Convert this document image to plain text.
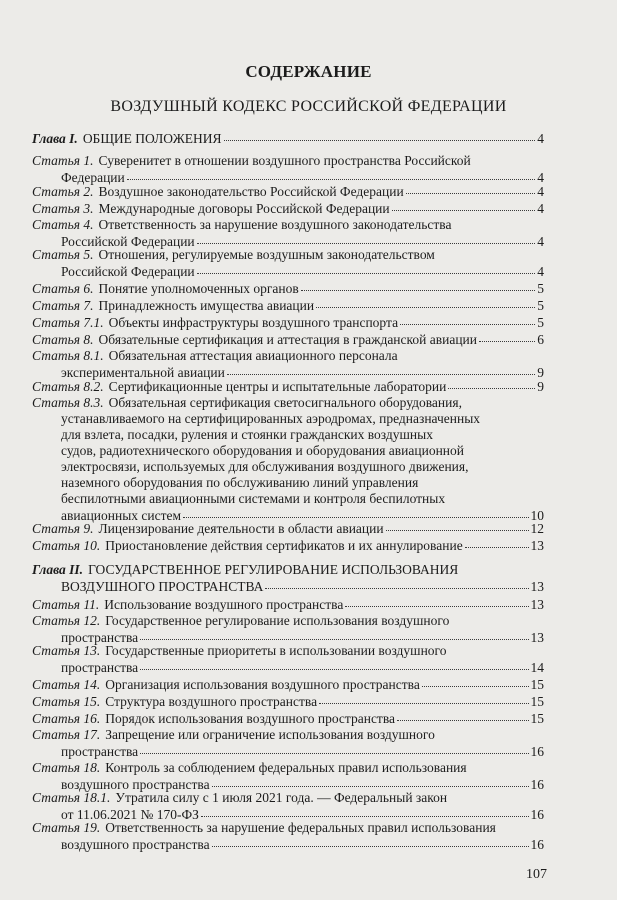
СОДЕРЖАНИЕ
ВОЗДУШНЫЙ КОДЕКС РОССИЙСКОЙ ФЕДЕРАЦИИ
Глава I. ОБЩИЕ ПОЛОЖЕНИЯ	4
Статья 1. Суверенитет в отношении воздушного пространства Российской
Федерации	4
Статья 2. Воздушное законодательство Российской Федерации	4
Статья 3. Международные договоры Российской Федерации	4
Статья 4. Ответственность за нарушение воздушного законодательства
Российской Федерации	4
Статья 5. Отношения, регулируемые воздушным законодательством
Российской Федерации	4
Статья 6. Понятие уполномоченных органов	5
Статья 7. Принадлежность имущества авиации	5
Статья 7.1. Объекты инфраструктуры воздушного транспорта	5
Статья 8. Обязательные сертификация и аттестация в гражданской авиации	6
Статья 8.1. Обязательная аттестация авиационного персонала
экспериментальной авиации	9
Статья 8.2. Сертификационные центры и испытательные лаборатории	9
Статья 8.3. Обязательная сертификация светосигнального оборудования,
устанавливаемого на сертифицированных аэродромах, предназначенных
для взлета, посадки, руления и стоянки гражданских воздушных
судов, радиотехнического оборудования и оборудования авиационной
электросвязи, используемых для обслуживания воздушного движения,
наземного оборудования по обслуживанию линий управления
беспилотными авиационными системами и контроля беспилотных
авиационных систем	10
Статья 9. Лицензирование деятельности в области авиации	12
Статья 10. Приостановление действия сертификатов и их аннулирование	13
Глава II. ГОСУДАРСТВЕННОЕ РЕГУЛИРОВАНИЕ ИСПОЛЬЗОВАНИЯ
ВОЗДУШНОГО ПРОСТРАНСТВА	13
Статья 11. Использование воздушного пространства	13
Статья 12. Государственное регулирование использования воздушного
пространства	13
Статья 13. Государственные приоритеты в использовании воздушного
пространства	14
Статья 14. Организация использования воздушного пространства	15
Статья 15. Структура воздушного пространства	15
Статья 16. Порядок использования воздушного пространства	15
Статья 17. Запрещение или ограничение использования воздушного
пространства	16
Статья 18. Контроль за соблюдением федеральных правил использования
воздушного пространства	16
Статья 18.1. Утратила силу с 1 июля 2021 года. — Федеральный закон
от 11.06.2021 № 170-ФЗ	16
Статья 19. Ответственность за нарушение федеральных правил использования
воздушного пространства	16
107
